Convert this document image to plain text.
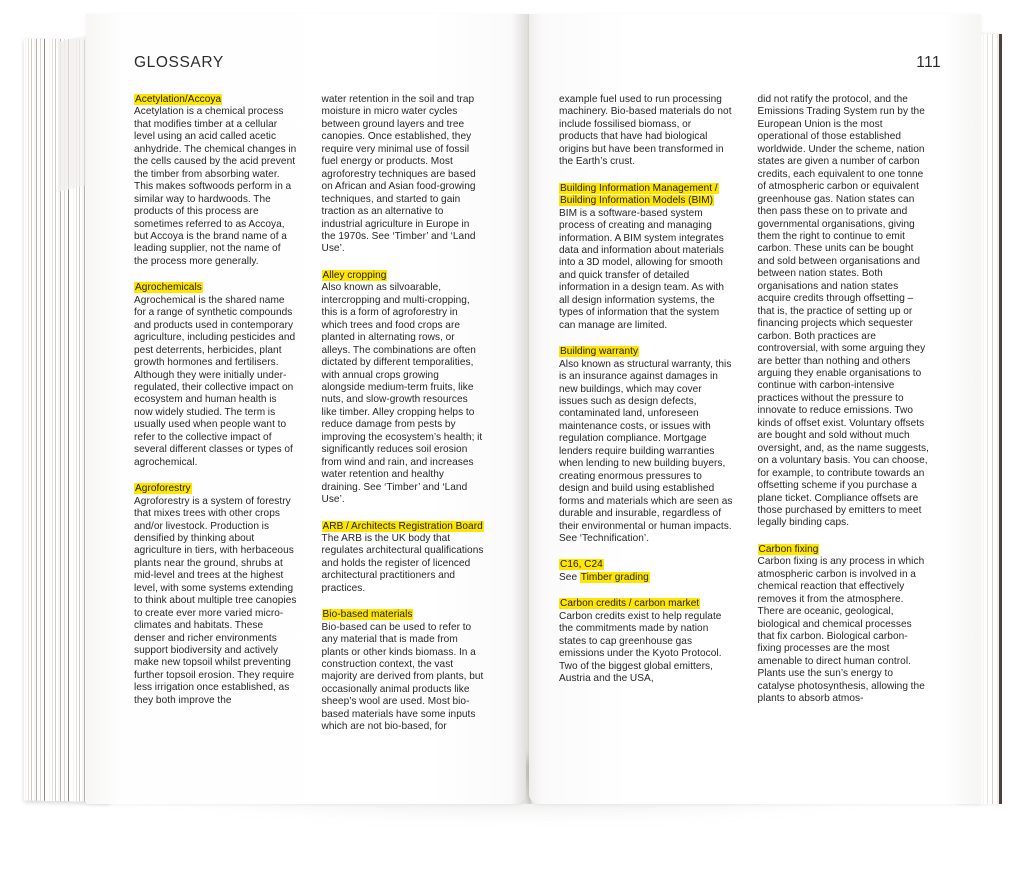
GLOSSARY
Acetylation/Accoya
Acetylation is a chemical process that modifies timber at a cellular level using an acid called acetic anhydride. The chemical changes in the cells caused by the acid prevent the timber from absorbing water. This makes softwoods perform in a similar way to hardwoods. The products of this process are sometimes referred to as Accoya, but Accoya is the brand name of a leading supplier, not the name of the process more generally.
Agrochemicals
Agrochemical is the shared name for a range of synthetic compounds and products used in contemporary agriculture, including pesticides and pest deterrents, herbicides, plant growth hormones and fertilisers. Although they were initially under-regulated, their collective impact on ecosystem and human health is now widely studied. The term is usually used when people want to refer to the collective impact of several different classes or types of agrochemical.
Agroforestry
Agroforestry is a system of forestry that mixes trees with other crops and/or livestock. Production is densified by thinking about agriculture in tiers, with herbaceous plants near the ground, shrubs at mid-level and trees at the highest level, with some systems extending to think about multiple tree canopies to create ever more varied micro-climates and habitats. These denser and richer environments support biodiversity and actively make new topsoil whilst preventing further topsoil erosion. They require less irrigation once established, as they both improve the
water retention in the soil and trap moisture in micro water cycles between ground layers and tree canopies. Once established, they require very minimal use of fossil fuel energy or products. Most agroforestry techniques are based on African and Asian food-growing techniques, and started to gain traction as an alternative to industrial agriculture in Europe in the 1970s. See ‘Timber’ and ‘Land Use’.
Alley cropping
Also known as silvoarable, intercropping and multi-cropping, this is a form of agroforestry in which trees and food crops are planted in alternating rows, or alleys. The combinations are often dictated by different temporalities, with annual crops growing alongside medium-term fruits, like nuts, and slow-growth resources like timber. Alley cropping helps to reduce damage from pests by improving the ecosystem’s health; it significantly reduces soil erosion from wind and rain, and increases water retention and healthy draining. See ‘Timber’ and ‘Land Use’.
ARB / Architects Registration Board
The ARB is the UK body that regulates architectural qualifications and holds the register of licenced architectural practitioners and practices.
Bio-based materials
Bio-based can be used to refer to any material that is made from plants or other kinds biomass. In a construction context, the vast majority are derived from plants, but occasionally animal products like sheep’s wool are used. Most bio-based materials have some inputs which are not bio-based, for
111
example fuel used to run processing machinery. Bio-based materials do not include fossilised biomass, or products that have had biological origins but have been transformed in the Earth’s crust.
Building Information Management / Building Information Models (BIM)
BIM is a software-based system process of creating and managing information. A BIM system integrates data and information about materials into a 3D model, allowing for smooth and quick transfer of detailed information in a design team. As with all design information systems, the types of information that the system can manage are limited.
Building warranty
Also known as structural warranty, this is an insurance against damages in new buildings, which may cover issues such as design defects, contaminated land, unforeseen maintenance costs, or issues with regulation compliance. Mortgage lenders require building warranties when lending to new building buyers, creating enormous pressures to design and build using established forms and materials which are seen as durable and insurable, regardless of their environmental or human impacts. See ‘Technification’.
C16, C24
See Timber grading
Carbon credits / carbon market
Carbon credits exist to help regulate the commitments made by nation states to cap greenhouse gas emissions under the Kyoto Protocol. Two of the biggest global emitters, Austria and the USA,
did not ratify the protocol, and the Emissions Trading System run by the European Union is the most operational of those established worldwide. Under the scheme, nation states are given a number of carbon credits, each equivalent to one tonne of atmospheric carbon or equivalent greenhouse gas. Nation states can then pass these on to private and governmental organisations, giving them the right to continue to emit carbon. These units can be bought and sold between organisations and between nation states. Both organisations and nation states acquire credits through offsetting – that is, the practice of setting up or financing projects which sequester carbon. Both practices are controversial, with some arguing they are better than nothing and others arguing they enable organisations to continue with carbon-intensive practices without the pressure to innovate to reduce emissions. Two kinds of offset exist. Voluntary offsets are bought and sold without much oversight, and, as the name suggests, on a voluntary basis. You can choose, for example, to contribute towards an offsetting scheme if you purchase a plane ticket. Compliance offsets are those purchased by emitters to meet legally binding caps.
Carbon fixing
Carbon fixing is any process in which atmospheric carbon is involved in a chemical reaction that effectively removes it from the atmosphere. There are oceanic, geological, biological and chemical processes that fix carbon. Biological carbon-fixing processes are the most amenable to direct human control. Plants use the sun’s energy to catalyse photosynthesis, allowing the plants to absorb atmos-
